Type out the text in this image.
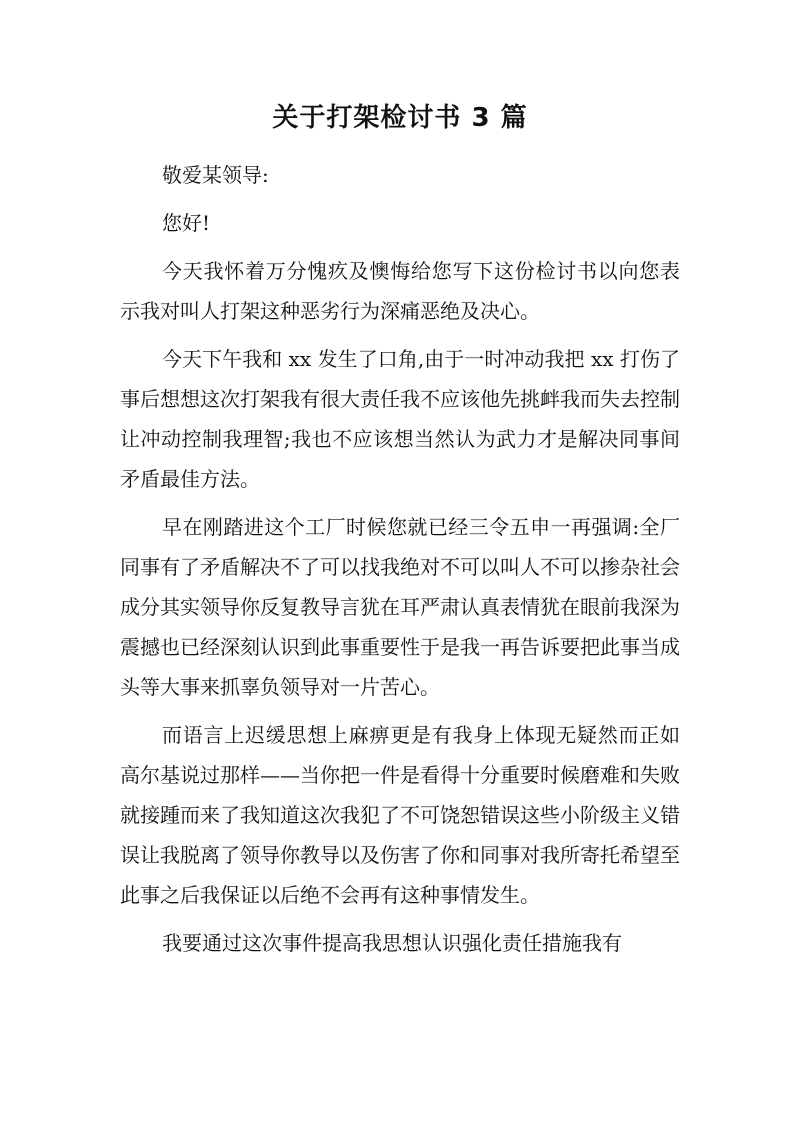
关于打架检讨书 3 篇

敬爱某领导:

您好!

今天我怀着万分愧疚及懊悔给您写下这份检讨书以向您表示我对叫人打架这种恶劣行为深痛恶绝及决心。

今天下午我和 xx 发生了口角,由于一时冲动我把 xx 打伤了事后想想这次打架我有很大责任我不应该他先挑衅我而失去控制让冲动控制我理智;我也不应该想当然认为武力才是解决同事间矛盾最佳方法。

早在刚踏进这个工厂时候您就已经三令五申一再强调:全厂同事有了矛盾解决不了可以找我绝对不可以叫人不可以掺杂社会成分其实领导你反复教导言犹在耳严肃认真表情犹在眼前我深为震撼也已经深刻认识到此事重要性于是我一再告诉要把此事当成头等大事来抓辜负领导对一片苦心。

而语言上迟缓思想上麻痹更是有我身上体现无疑然而正如高尔基说过那样——当你把一件是看得十分重要时候磨难和失败就接踵而来了我知道这次我犯了不可饶恕错误这些小阶级主义错误让我脱离了领导你教导以及伤害了你和同事对我所寄托希望至此事之后我保证以后绝不会再有这种事情发生。

我要通过这次事件提高我思想认识强化责任措施我有
